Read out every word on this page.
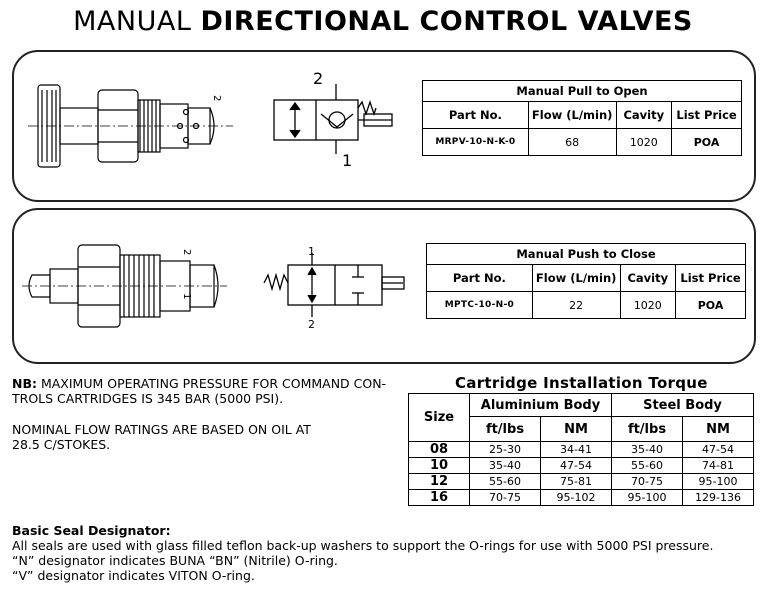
MANUAL DIRECTIONAL CONTROL VALVES
2
2
1
Manual Pull to Open			
Part No.	Flow (L/min)	Cavity	List Price
MRPV-10-N-K-0	68	1020	POA
2
1
1
2
Manual Push to Close			
Part No.	Flow (L/min)	Cavity	List Price
MPTC-10-N-0	22	1020	POA
NB: MAXIMUM OPERATING PRESSURE FOR COMMAND CON-
TROLS CARTRIDGES IS 345 BAR (5000 PSI).
NOMINAL FLOW RATINGS ARE BASED ON OIL AT
28.5 C/STOKES.
Cartridge Installation Torque
Size	Aluminium Body		Steel Body	
	ft/lbs	NM	ft/lbs	NM
08	25-30	34-41	35-40	47-54
10	35-40	47-54	55-60	74-81
12	55-60	75-81	70-75	95-100
16	70-75	95-102	95-100	129-136
Basic Seal Designator:
All seals are used with glass filled teflon back-up washers to support the O-rings for use with 5000 PSI pressure.
“N” designator indicates BUNA “BN” (Nitrile) O-ring.
“V” designator indicates VITON O-ring.
